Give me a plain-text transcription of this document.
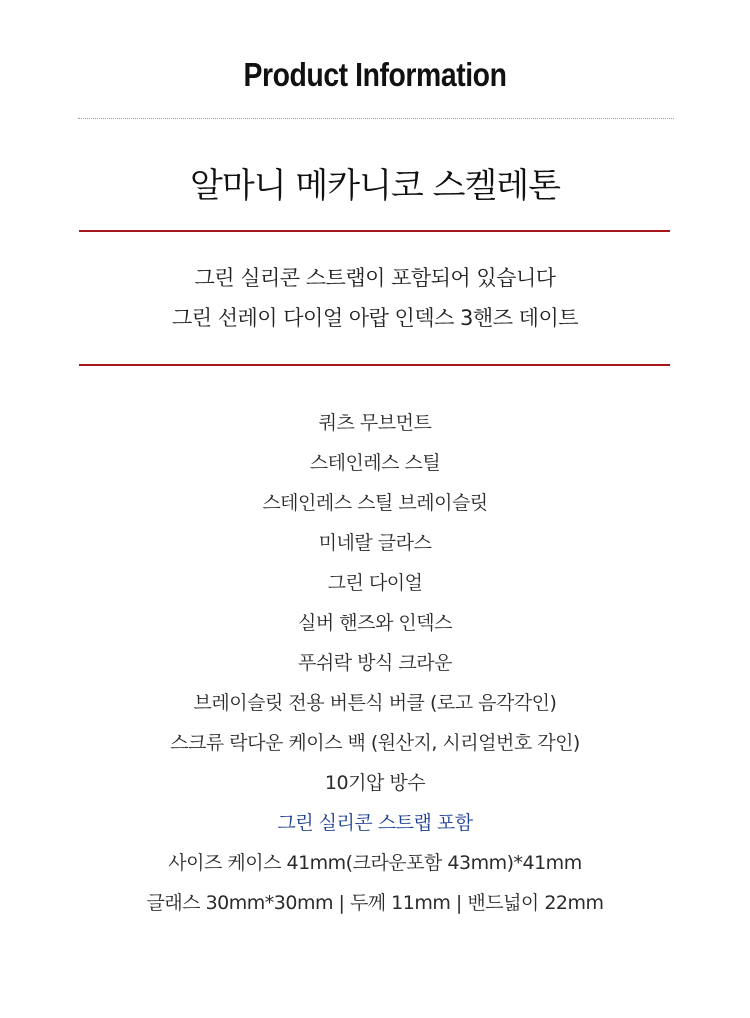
Product Information
알마니 메카니코 스켈레톤
그린 실리콘 스트랩이 포함되어 있습니다
그린 선레이 다이얼 아랍 인덱스 3핸즈 데이트
쿼츠 무브먼트
스테인레스 스틸
스테인레스 스틸 브레이슬릿
미네랄 글라스
그린 다이얼
실버 핸즈와 인덱스
푸쉬락 방식 크라운
브레이슬릿 전용 버튼식 버클 (로고 음각각인)
스크류 락다운 케이스 백 (원산지, 시리얼번호 각인)
10기압 방수
그린 실리콘 스트랩 포함
사이즈 케이스 41mm(크라운포함 43mm)*41mm
글래스 30mm*30mm | 두께 11mm | 밴드넓이 22mm
